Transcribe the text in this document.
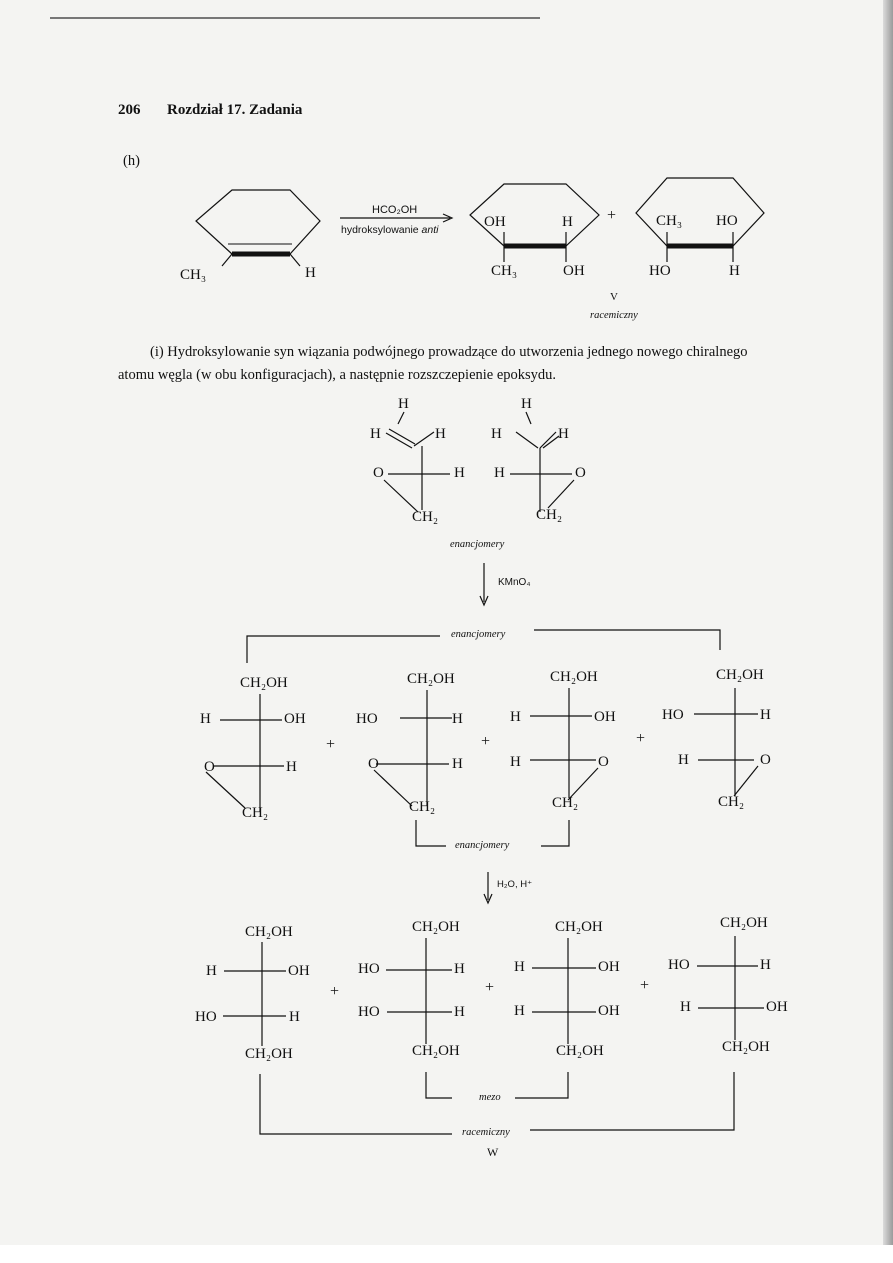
206 Rozdział 17. Zadania
(h)
CH₃	H
HCO₂OH
hydroksylowanie anti	OH	H
CH₃	OH
+	CH₃ HO
HO	H
V
racemiczny
(i) Hydroksylowanie syn wiązania podwójnego prowadzące do utworzenia jednego nowego chiralnego
atomu węgla (w obu konfiguracjach), a następnie rozszczepienie epoksydu.
H
H	H
O	H
CH₂
H
H	H
H	O
CH₂
enancjomery
KMnO₄
enancjomery
CH₂OH
H	OH
O	H
CH₂
+
CH₂OH
HO	H
O	H
CH₂
+
CH₂OH
H	OH
H	O
CH₂
+
CH₂OH
HO	H
H	O
CH₂
enancjomery
H₂O, H⁺
CH₂OH
H	OH
HO	H
CH₂OH
+
CH₂OH
HO	H
HO	H
CH₂OH
+
CH₂OH
H	OH
H	OH
CH₂OH
+
CH₂OH
HO	H
H	OH
CH₂OH
mezo
racemiczny
W
